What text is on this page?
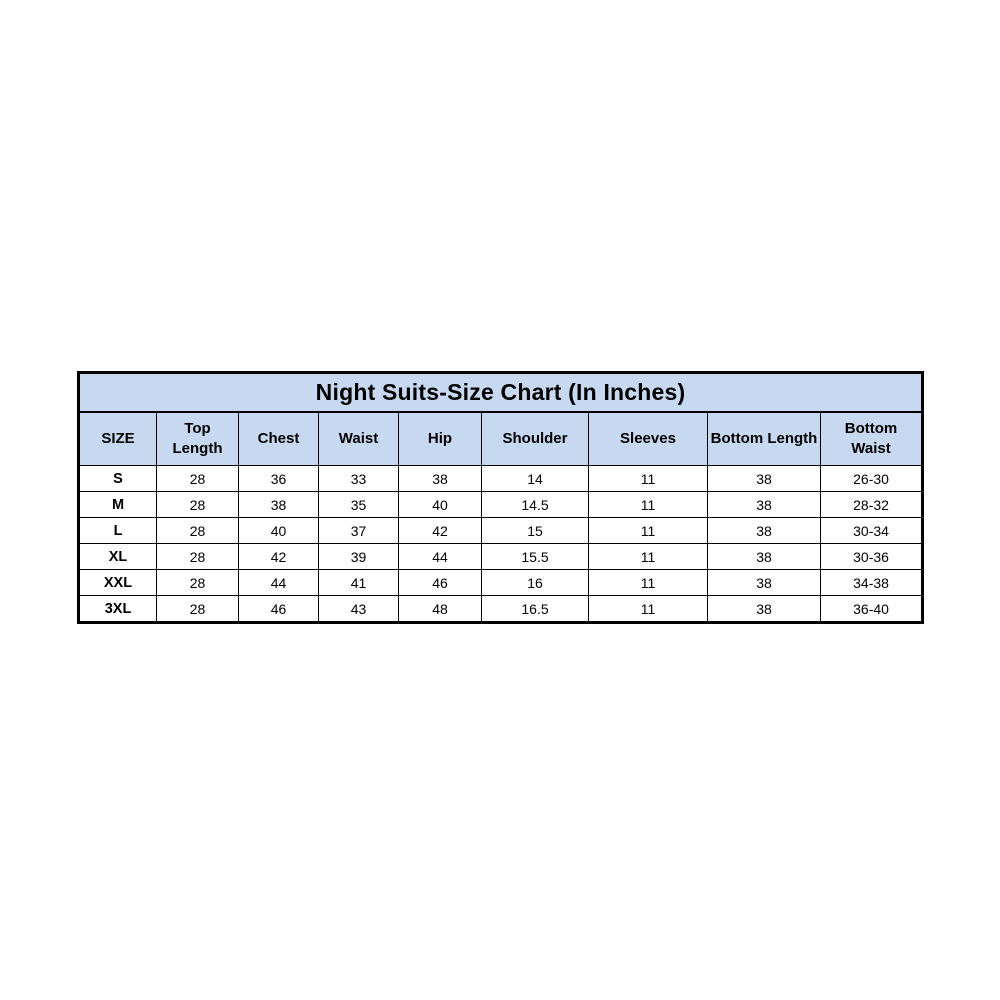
Night Suits-Size Chart (In Inches)								
SIZE	Top Length	Chest	Waist	Hip	Shoulder	Sleeves	Bottom Length	Bottom Waist
S	28	36	33	38	14	11	38	26-30
M	28	38	35	40	14.5	11	38	28-32
L	28	40	37	42	15	11	38	30-34
XL	28	42	39	44	15.5	11	38	30-36
XXL	28	44	41	46	16	11	38	34-38
3XL	28	46	43	48	16.5	11	38	36-40
